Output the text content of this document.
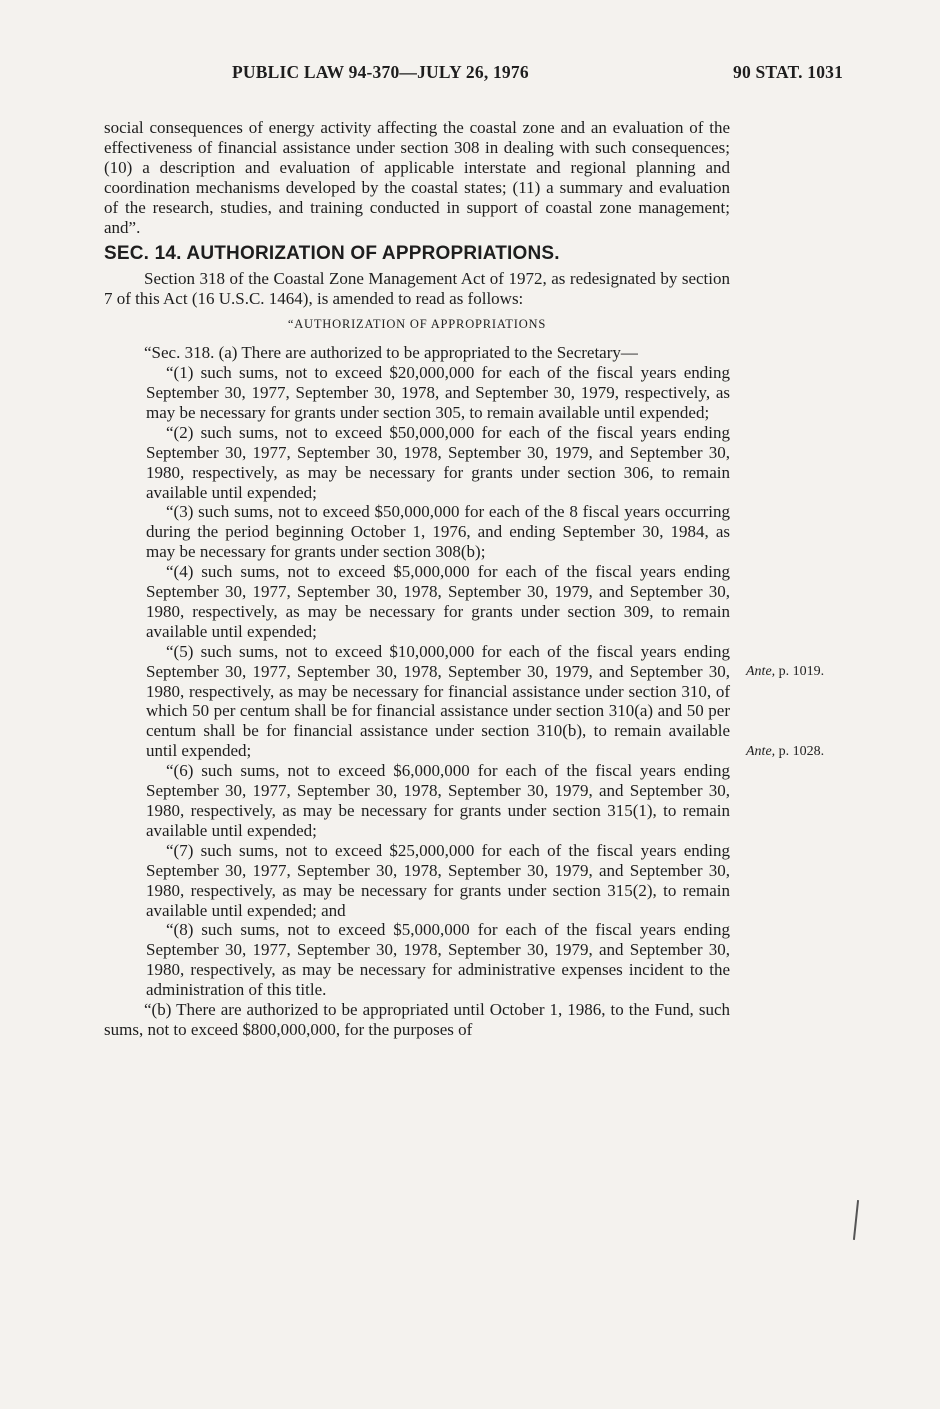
PUBLIC LAW 94-370—JULY 26, 1976	90 STAT. 1031

social consequences of energy activity affecting the coastal zone and an evaluation of the effectiveness of financial assistance under section 308 in dealing with such consequences; (10) a description and evaluation of applicable interstate and regional planning and coordination mechanisms developed by the coastal states; (11) a summary and evaluation of the research, studies, and training conducted in support of coastal zone management; and”.

SEC. 14. AUTHORIZATION OF APPROPRIATIONS.

Section 318 of the Coastal Zone Management Act of 1972, as redesignated by section 7 of this Act (16 U.S.C. 1464), is amended to read as follows:

“AUTHORIZATION OF APPROPRIATIONS

“Sec. 318. (a) There are authorized to be appropriated to the Secretary—

“(1) such sums, not to exceed $20,000,000 for each of the fiscal years ending September 30, 1977, September 30, 1978, and September 30, 1979, respectively, as may be necessary for grants under section 305, to remain available until expended;

“(2) such sums, not to exceed $50,000,000 for each of the fiscal years ending September 30, 1977, September 30, 1978, September 30, 1979, and September 30, 1980, respectively, as may be necessary for grants under section 306, to remain available until expended;

“(3) such sums, not to exceed $50,000,000 for each of the 8 fiscal years occurring during the period beginning October 1, 1976, and ending September 30, 1984, as may be necessary for grants under section 308(b);

“(4) such sums, not to exceed $5,000,000 for each of the fiscal years ending September 30, 1977, September 30, 1978, September 30, 1979, and September 30, 1980, respectively, as may be necessary for grants under section 309, to remain available until expended;

“(5) such sums, not to exceed $10,000,000 for each of the fiscal years ending September 30, 1977, September 30, 1978, September 30, 1979, and September 30, 1980, respectively, as may be necessary for financial assistance under section 310, of which 50 per centum shall be for financial assistance under section 310(a) and 50 per centum shall be for financial assistance under section 310(b), to remain available until expended;

“(6) such sums, not to exceed $6,000,000 for each of the fiscal years ending September 30, 1977, September 30, 1978, September 30, 1979, and September 30, 1980, respectively, as may be necessary for grants under section 315(1), to remain available until expended;

“(7) such sums, not to exceed $25,000,000 for each of the fiscal years ending September 30, 1977, September 30, 1978, September 30, 1979, and September 30, 1980, respectively, as may be necessary for grants under section 315(2), to remain available until expended; and

“(8) such sums, not to exceed $5,000,000 for each of the fiscal years ending September 30, 1977, September 30, 1978, September 30, 1979, and September 30, 1980, respectively, as may be necessary for administrative expenses incident to the administration of this title.

“(b) There are authorized to be appropriated until October 1, 1986, to the Fund, such sums, not to exceed $800,000,000, for the purposes of

Ante, p. 1019.
Ante, p. 1028.
